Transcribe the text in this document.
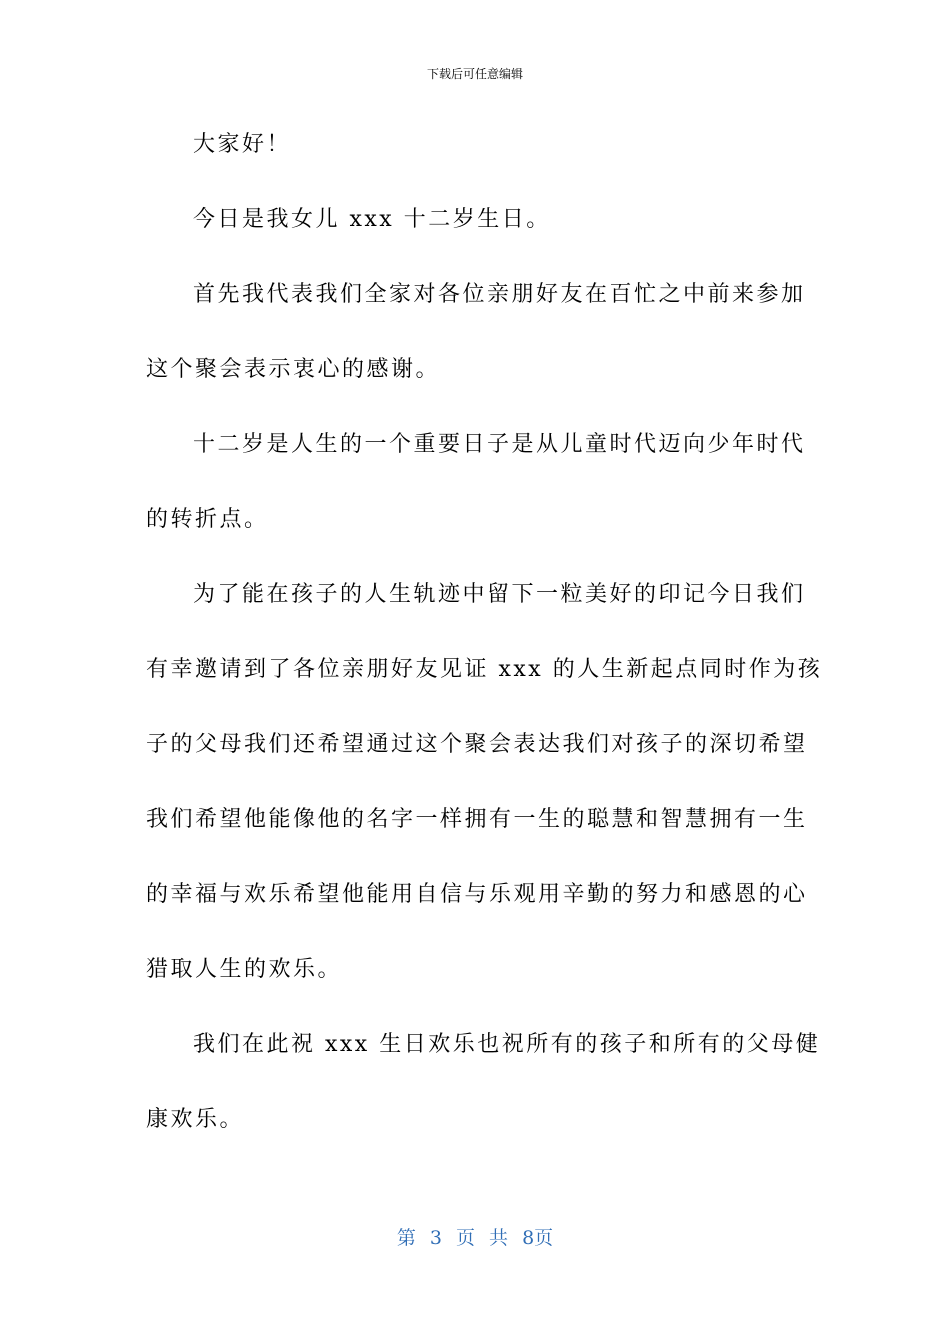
下载后可任意编辑
大家好！
今日是我女儿 xxx 十二岁生日。
首先我代表我们全家对各位亲朋好友在百忙之中前来参加
这个聚会表示衷心的感谢。
十二岁是人生的一个重要日子是从儿童时代迈向少年时代
的转折点。
为了能在孩子的人生轨迹中留下一粒美好的印记今日我们
有幸邀请到了各位亲朋好友见证 xxx 的人生新起点同时作为孩
子的父母我们还希望通过这个聚会表达我们对孩子的深切希望
我们希望他能像他的名字一样拥有一生的聪慧和智慧拥有一生
的幸福与欢乐希望他能用自信与乐观用辛勤的努力和感恩的心
猎取人生的欢乐。
我们在此祝 xxx 生日欢乐也祝所有的孩子和所有的父母健
康欢乐。
第 3 页 共 8页
